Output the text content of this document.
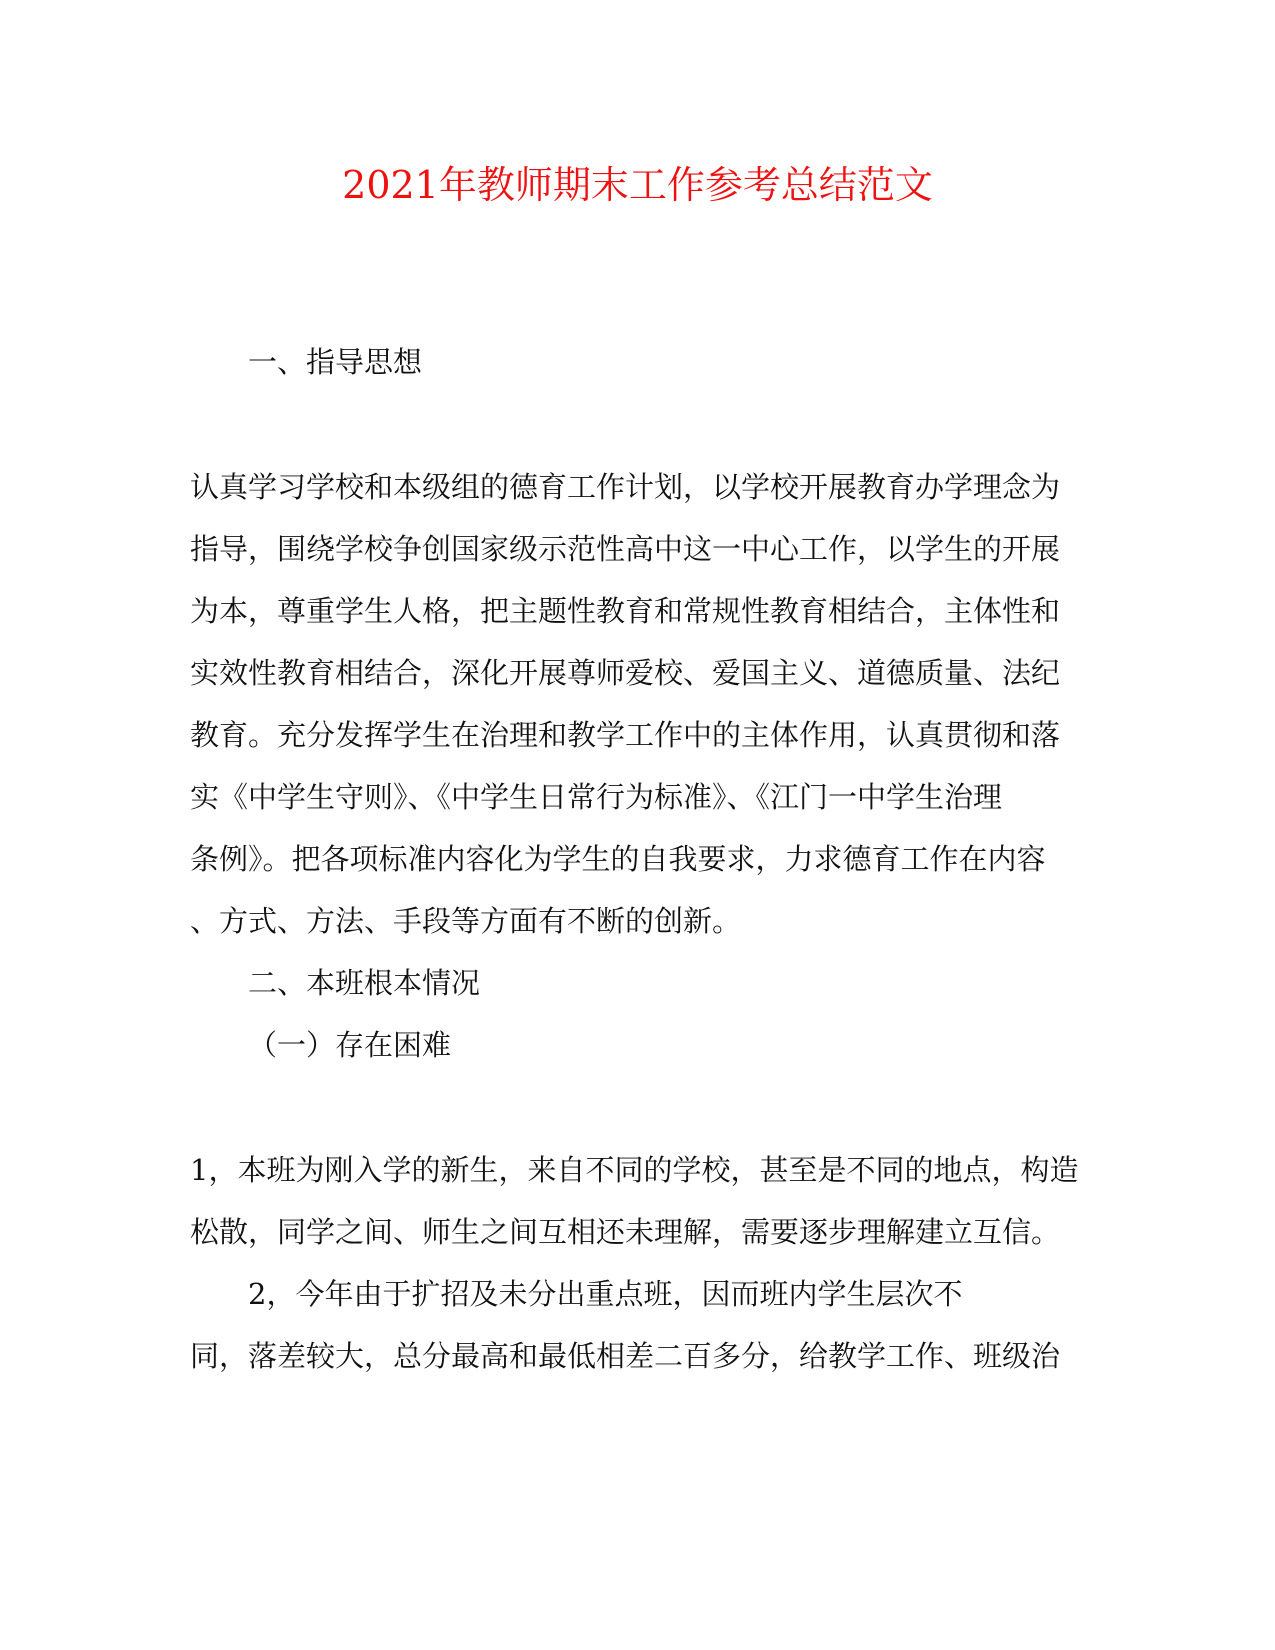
2021年教师期末工作参考总结范文

一、指导思想

认真学习学校和本级组的德育工作计划，以学校开展教育办学理念为

指导，围绕学校争创国家级示范性高中这一中心工作，以学生的开展

为本，尊重学生人格，把主题性教育和常规性教育相结合，主体性和

实效性教育相结合，深化开展尊师爱校、爱国主义、道德质量、法纪

教育。充分发挥学生在治理和教学工作中的主体作用，认真贯彻和落

实《中学生守则》、《中学生日常行为标准》、《江门一中学生治理

条例》。把各项标准内容化为学生的自我要求，力求德育工作在内容

、方式、方法、手段等方面有不断的创新。

二、本班根本情况

（一）存在困难

1，本班为刚入学的新生，来自不同的学校，甚至是不同的地点，构造

松散，同学之间、师生之间互相还未理解，需要逐步理解建立互信。

2，今年由于扩招及未分出重点班，因而班内学生层次不

同，落差较大，总分最高和最低相差二百多分，给教学工作、班级治
